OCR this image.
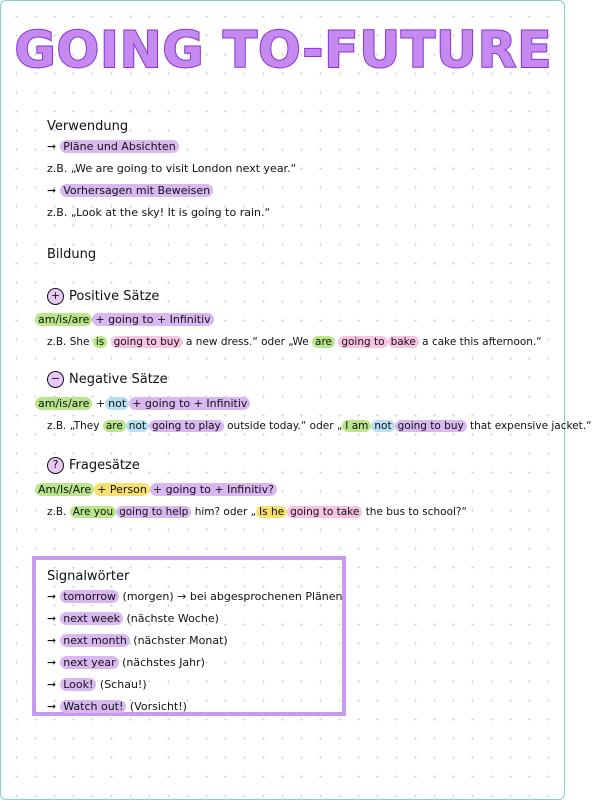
GOING TO-FUTURE
Verwendung
➞ Pläne und Absichten
z.B. „We are going to visit London next year.“
➞ Vorhersagen mit Beweisen
z.B. „Look at the sky! It is going to rain.“
Bildung
+ Positive Sätze
am/is/are + going to + Infinitiv
z.B. She is going to buy a new dress.“ oder „We are going to bake a cake this afternoon.“
− Negative Sätze
am/is/are + not + going to + Infinitiv
z.B. „They are not going to play outside today.“ oder „ I am not going to buy that expensive jacket.“
? Fragesätze
Am/Is/Are + Person + going to + Infinitiv?
z.B. Are you going to help him? oder „ Is he going to take the bus to school?“
Signalwörter
➞ tomorrow (morgen) → bei abgesprochenen Plänen
➞ next week (nächste Woche)
➞ next month (nächster Monat)
➞ next year (nächstes Jahr)
➞ Look! (Schau!)
➞ Watch out! (Vorsicht!)
